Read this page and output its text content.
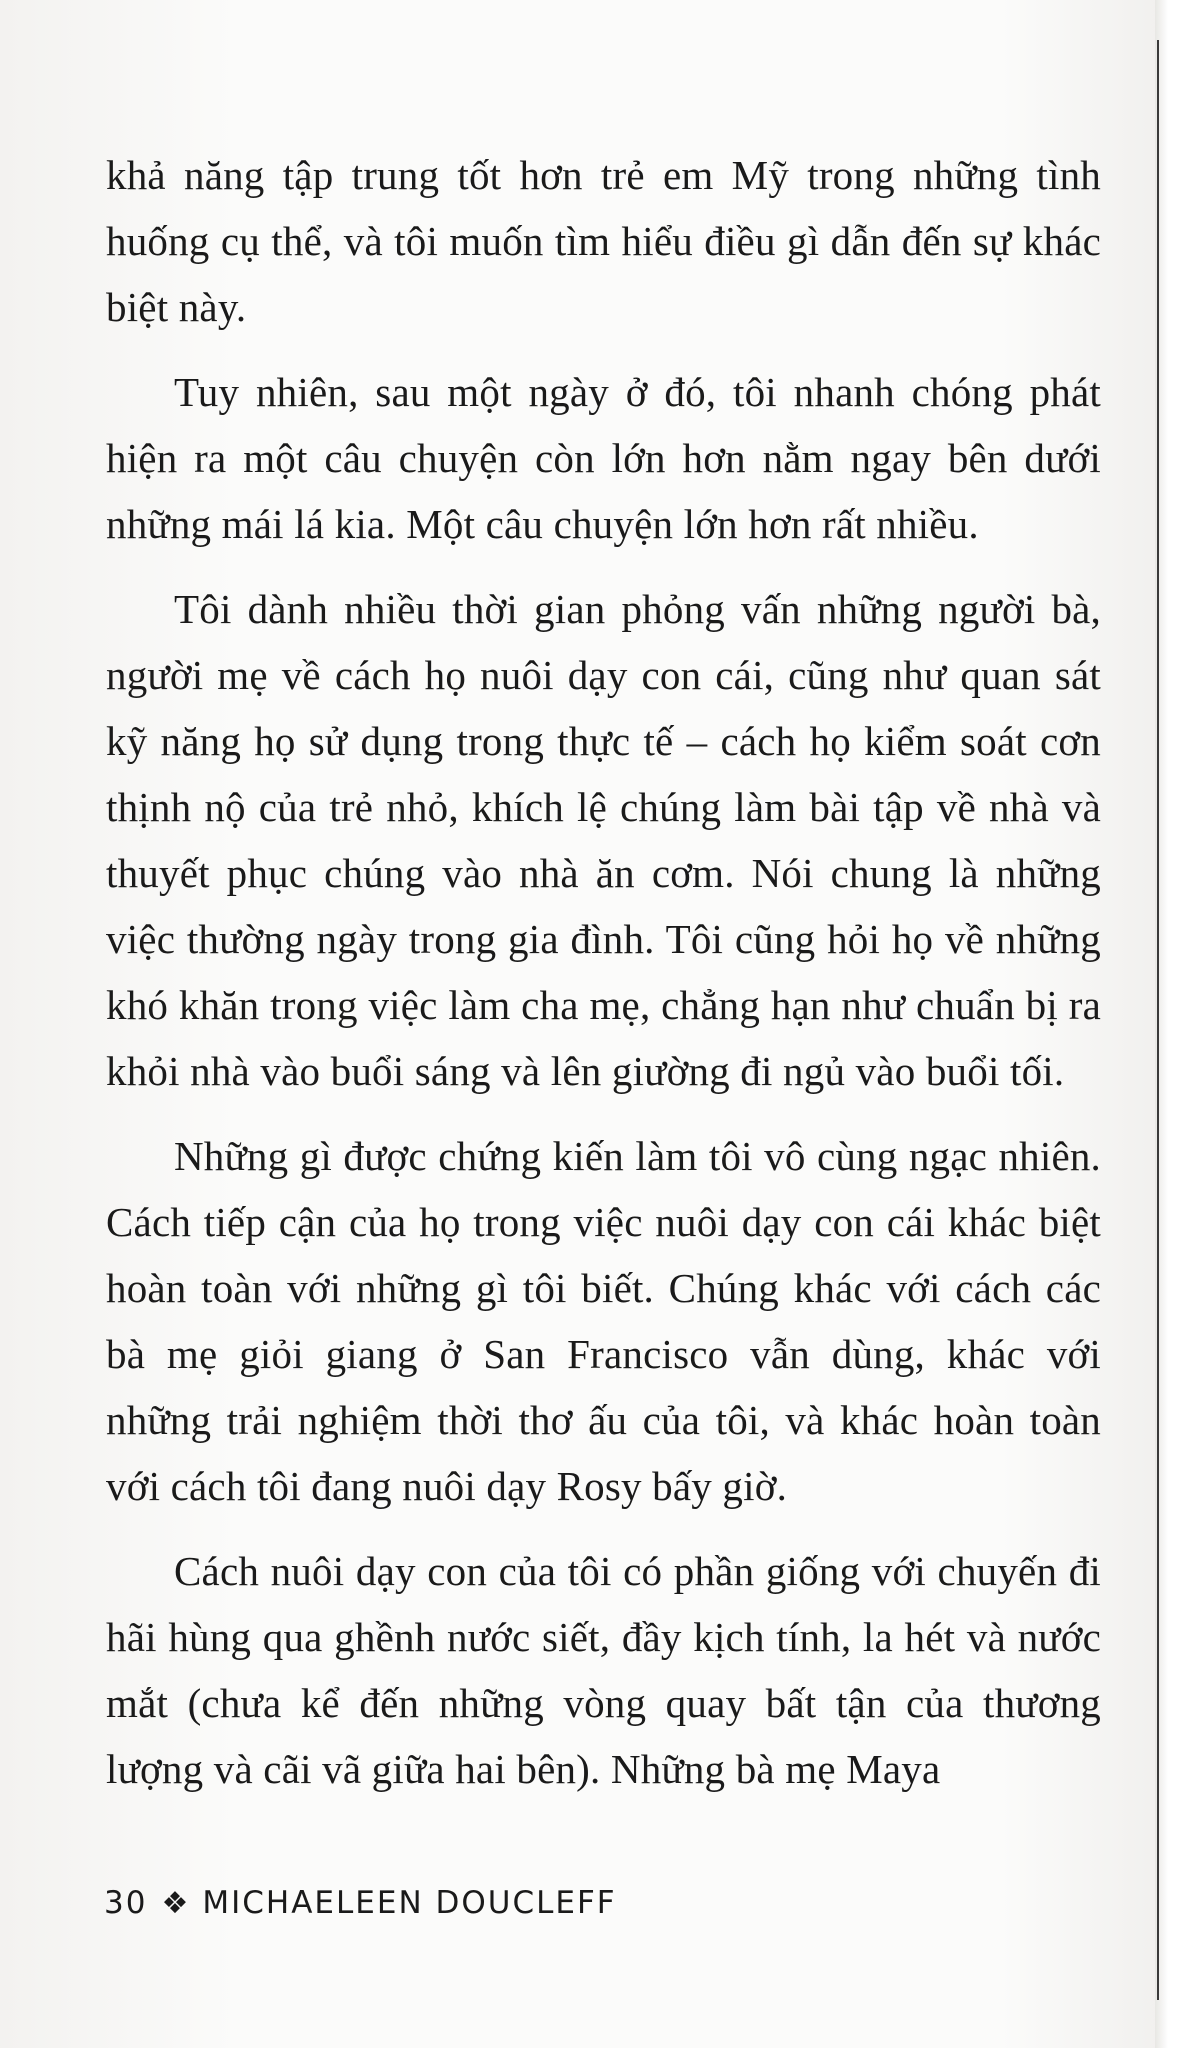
khả năng tập trung tốt hơn trẻ em Mỹ trong những tình huống cụ thể, và tôi muốn tìm hiểu điều gì dẫn đến sự khác biệt này.

Tuy nhiên, sau một ngày ở đó, tôi nhanh chóng phát hiện ra một câu chuyện còn lớn hơn nằm ngay bên dưới những mái lá kia. Một câu chuyện lớn hơn rất nhiều.

Tôi dành nhiều thời gian phỏng vấn những người bà, người mẹ về cách họ nuôi dạy con cái, cũng như quan sát kỹ năng họ sử dụng trong thực tế – cách họ kiểm soát cơn thịnh nộ của trẻ nhỏ, khích lệ chúng làm bài tập về nhà và thuyết phục chúng vào nhà ăn cơm. Nói chung là những việc thường ngày trong gia đình. Tôi cũng hỏi họ về những khó khăn trong việc làm cha mẹ, chẳng hạn như chuẩn bị ra khỏi nhà vào buổi sáng và lên giường đi ngủ vào buổi tối.

Những gì được chứng kiến làm tôi vô cùng ngạc nhiên. Cách tiếp cận của họ trong việc nuôi dạy con cái khác biệt hoàn toàn với những gì tôi biết. Chúng khác với cách các bà mẹ giỏi giang ở San Francisco vẫn dùng, khác với những trải nghiệm thời thơ ấu của tôi, và khác hoàn toàn với cách tôi đang nuôi dạy Rosy bấy giờ.

Cách nuôi dạy con của tôi có phần giống với chuyến đi hãi hùng qua ghềnh nước siết, đầy kịch tính, la hét và nước mắt (chưa kể đến những vòng quay bất tận của thương lượng và cãi vã giữa hai bên). Những bà mẹ Maya

30 ❖ MICHAELEEN DOUCLEFF
